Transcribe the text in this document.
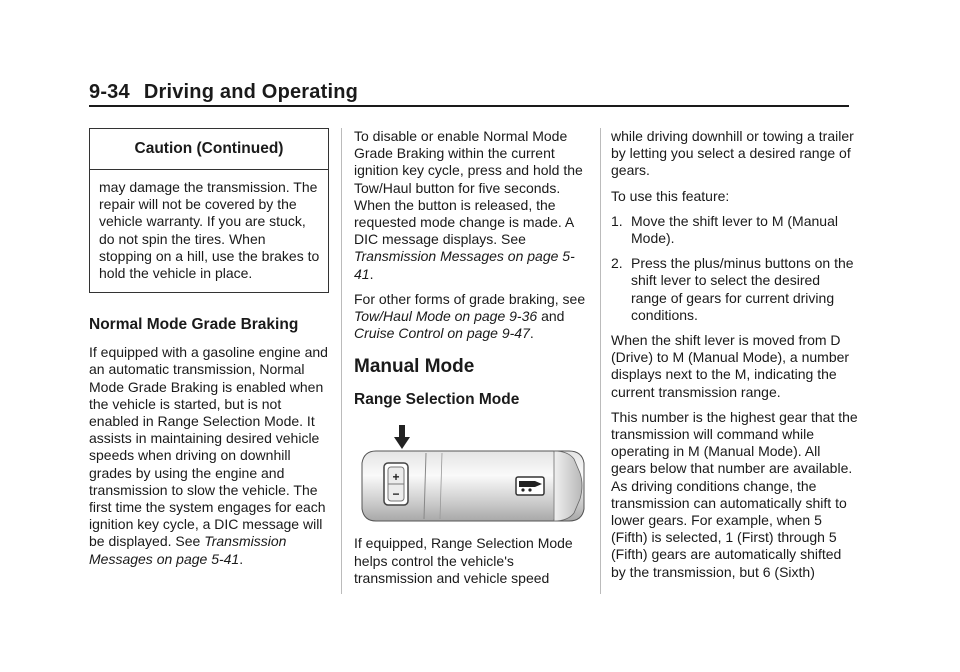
9-34 Driving and Operating
Caution (Continued)
may damage the transmission. The repair will not be covered by the vehicle warranty. If you are stuck, do not spin the tires. When stopping on a hill, use the brakes to hold the vehicle in place.
Normal Mode Grade Braking

If equipped with a gasoline engine and an automatic transmission, Normal Mode Grade Braking is enabled when the vehicle is started, but is not enabled in Range Selection Mode. It assists in maintaining desired vehicle speeds when driving on downhill grades by using the engine and transmission to slow the vehicle. The first time the system engages for each ignition key cycle, a DIC message will be displayed. See Transmission Messages on page 5-41.

To disable or enable Normal Mode Grade Braking within the current ignition key cycle, press and hold the Tow/Haul button for five seconds. When the button is released, the requested mode change is made. A DIC message displays. See Transmission Messages on page 5-41.

For other forms of grade braking, see Tow/Haul Mode on page 9-36 and Cruise Control on page 9-47.

Manual Mode
Range Selection Mode
+
−

If equipped, Range Selection Mode helps control the vehicle's transmission and vehicle speed

while driving downhill or towing a trailer by letting you select a desired range of gears.

To use this feature:

1. Move the shift lever to M (Manual Mode).
2. Press the plus/minus buttons on the shift lever to select the desired range of gears for current driving conditions.

When the shift lever is moved from D (Drive) to M (Manual Mode), a number displays next to the M, indicating the current transmission range.

This number is the highest gear that the transmission will command while operating in M (Manual Mode). All gears below that number are available. As driving conditions change, the transmission can automatically shift to lower gears. For example, when 5 (Fifth) is selected, 1 (First) through 5 (Fifth) gears are automatically shifted by the transmission, but 6 (Sixth)
